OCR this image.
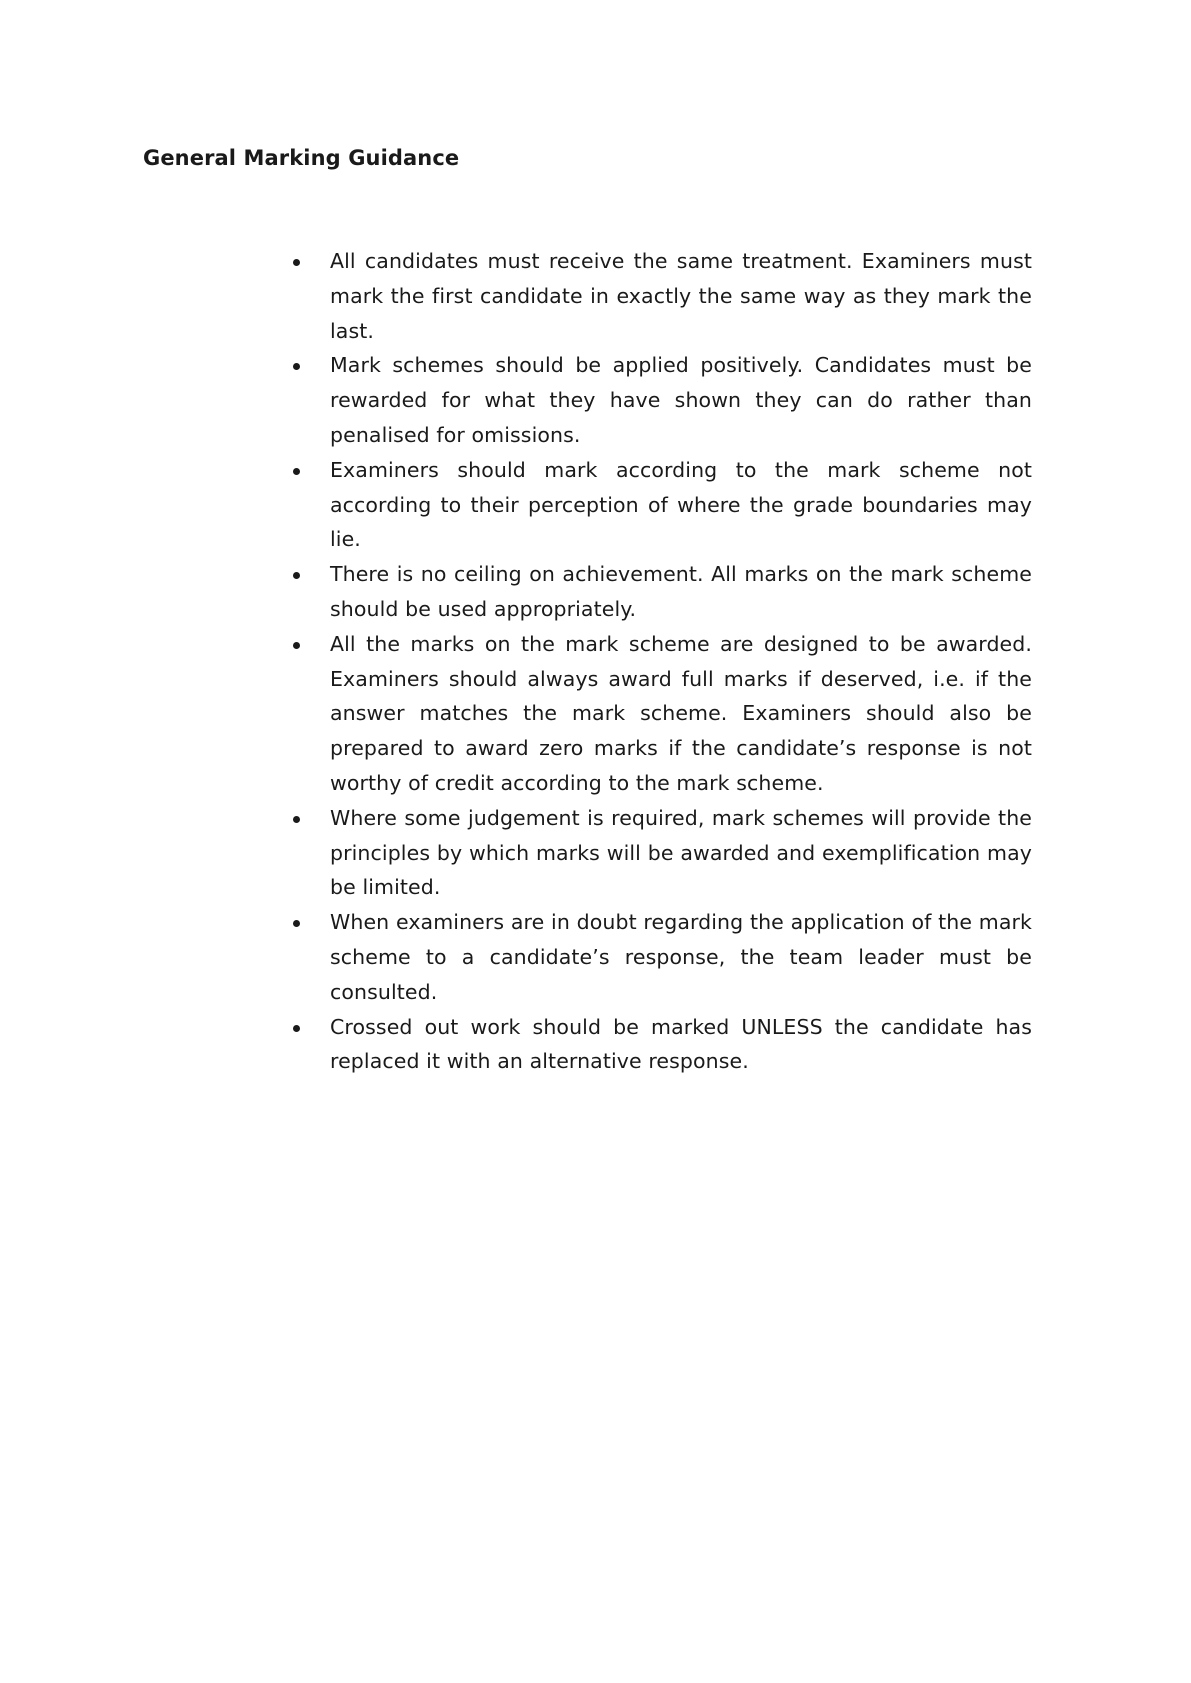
General Marking Guidance
All candidates must receive the same treatment. Examiners must mark the first candidate in exactly the same way as they mark the last.
Mark schemes should be applied positively. Candidates must be rewarded for what they have shown they can do rather than penalised for omissions.
Examiners should mark according to the mark scheme not according to their perception of where the grade boundaries may lie.
There is no ceiling on achievement. All marks on the mark scheme should be used appropriately.
All the marks on the mark scheme are designed to be awarded. Examiners should always award full marks if deserved, i.e. if the answer matches the mark scheme. Examiners should also be prepared to award zero marks if the candidate’s response is not worthy of credit according to the mark scheme.
Where some judgement is required, mark schemes will provide the principles by which marks will be awarded and exemplification may be limited.
When examiners are in doubt regarding the application of the mark scheme to a candidate’s response, the team leader must be consulted.
Crossed out work should be marked UNLESS the candidate has replaced it with an alternative response.
